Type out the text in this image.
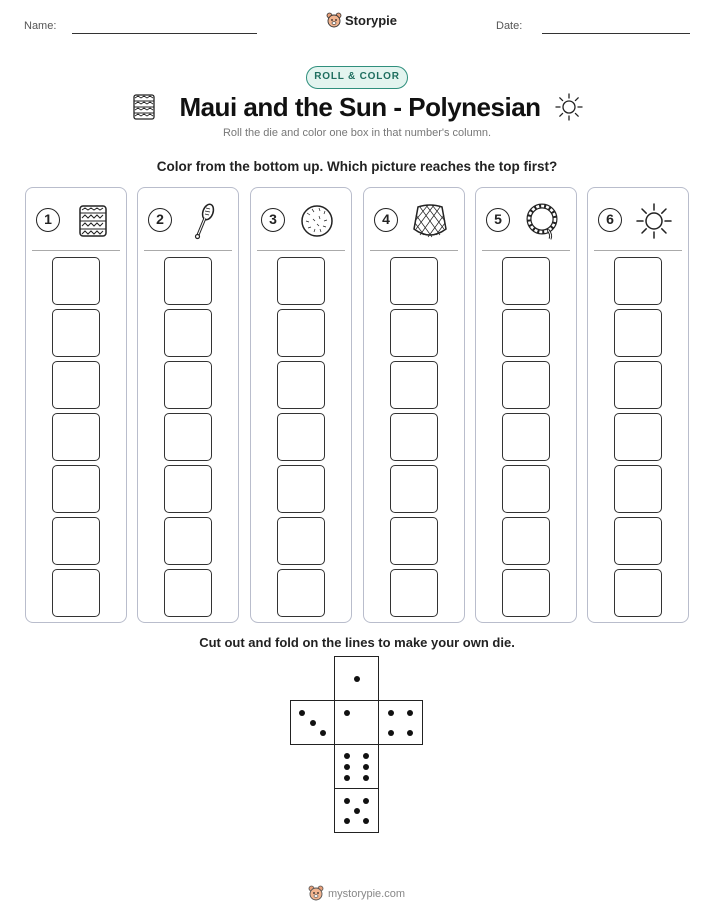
Name:	Storypie	Date:
ROLL & COLOR
Maui and the Sun - Polynesian
Roll the die and color one box in that number's column.
Color from the bottom up. Which picture reaches the top first?
1	2	3	4	5	6
Cut out and fold on the lines to make your own die.
mystorypie.com
